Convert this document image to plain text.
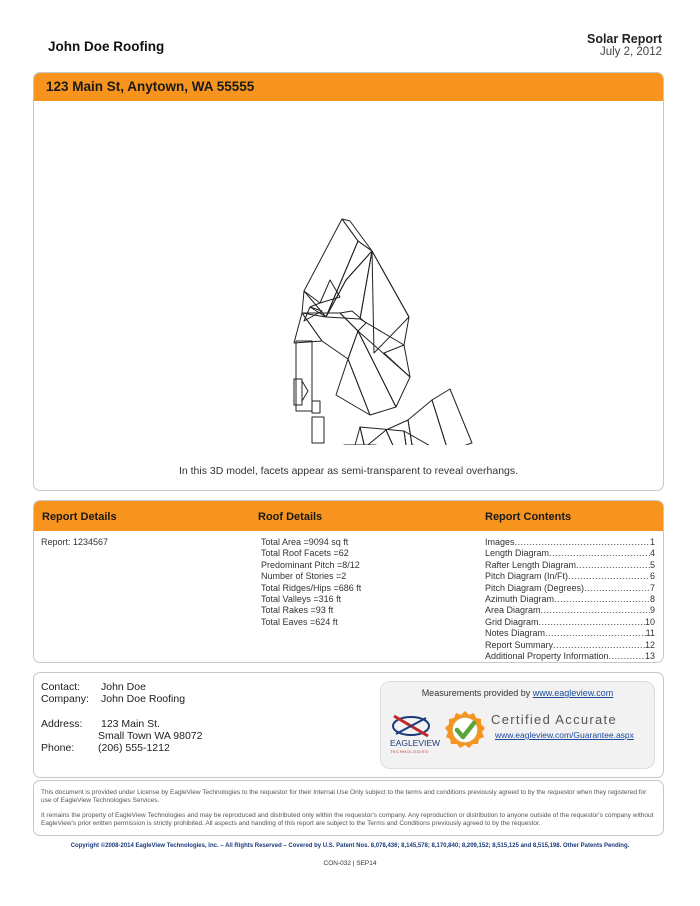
John Doe Roofing	Solar Report
July 2, 2012
123 Main St, Anytown, WA 55555
In this 3D model, facets appear as semi-transparent to reveal overhangs.
Report Details	Roof Details	Report Contents
Report: 1234567	Total Area =9094 sq ft
Total Roof Facets =62
Predominant Pitch =8/12
Number of Stories =2
Total Ridges/Hips =686 ft
Total Valleys =316 ft
Total Rakes =93 ft
Total Eaves =624 ft
Images .....	1
Length Diagram .....	4
Rafter Length Diagram .....	5
Pitch Diagram (In/Ft) .....	6
Pitch Diagram (Degrees) .....	7
Azimuth Diagram .....	8
Area Diagram .....	9
Grid Diagram .....	10
Notes Diagram .....	11
Report Summary .....	12
Additional Property Information .....	13
Contact: John Doe
Company: John Doe Roofing
Address: 123 Main St.
Small Town WA 98072
Phone: (206) 555-1212
Measurements provided by www.eagleview.com
EAGLEVIEW
TECHNOLOGIES
Certified Accurate
www.eagleview.com/Guarantee.aspx

This document is provided under License by EagleView Technologies to the requestor for their Internal Use Only subject to the terms and conditions previously agreed to by the requestor when they registered for use of EagleView Technologies Services.

It remains the property of EagleView Technologies and may be reproduced and distributed only within the requestor's company. Any reproduction or distribution to anyone outside of the requestor's company without EagleView's prior written permission is strictly prohibited. All aspects and handling of this report are subject to the Terms and Conditions previously agreed to by the requestor.

Copyright ©2008-2014 EagleView Technologies, Inc. – All Rights Reserved – Covered by U.S. Patent Nos. 8,078,436; 8,145,578; 8,170,840; 8,209,152; 8,515,125 and 8,515,198. Other Patents Pending.
CON-032 | SEP14
